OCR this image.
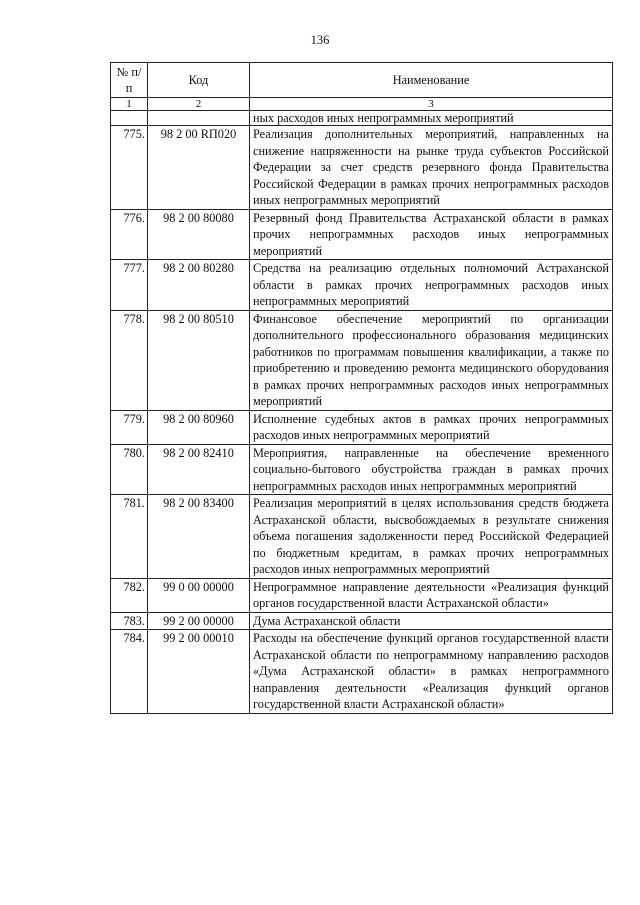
136
№ п/п	Код	Наименование
1	2	3
		ных расходов иных непрограммных мероприятий
775.	98 2 00 RП020	Реализация дополнительных мероприятий, направленных на снижение напряженности на рынке труда субъектов Российской Федерации за счет средств резервного фонда Правительства Российской Федерации в рамках прочих непрограммных расходов иных непрограммных мероприятий
776.	98 2 00 80080	Резервный фонд Правительства Астраханской области в рамках прочих непрограммных расходов иных непрограммных мероприятий
777.	98 2 00 80280	Средства на реализацию отдельных полномочий Астраханской области в рамках прочих непрограммных расходов иных непрограммных мероприятий
778.	98 2 00 80510	Финансовое обеспечение мероприятий по организации дополнительного профессионального образования медицинских работников по программам повышения квалификации, а также по приобретению и проведению ремонта медицинского оборудования в рамках прочих непрограммных расходов иных непрограммных мероприятий
779.	98 2 00 80960	Исполнение судебных актов в рамках прочих непрограммных расходов иных непрограммных мероприятий
780.	98 2 00 82410	Мероприятия, направленные на обеспечение временного социально-бытового обустройства граждан в рамках прочих непрограммных расходов иных непрограммных мероприятий
781.	98 2 00 83400	Реализация мероприятий в целях использования средств бюджета Астраханской области, высвобождаемых в результате снижения объема погашения задолженности перед Российской Федерацией по бюджетным кредитам, в рамках прочих непрограммных расходов иных непрограммных мероприятий
782.	99 0 00 00000	Непрограммное направление деятельности «Реализация функций органов государственной власти Астраханской области»
783.	99 2 00 00000	Дума Астраханской области
784.	99 2 00 00010	Расходы на обеспечение функций органов государственной власти Астраханской области по непрограммному направлению расходов «Дума Астраханской области» в рамках непрограммного направления деятельности «Реализация функций органов государственной власти Астраханской области»
